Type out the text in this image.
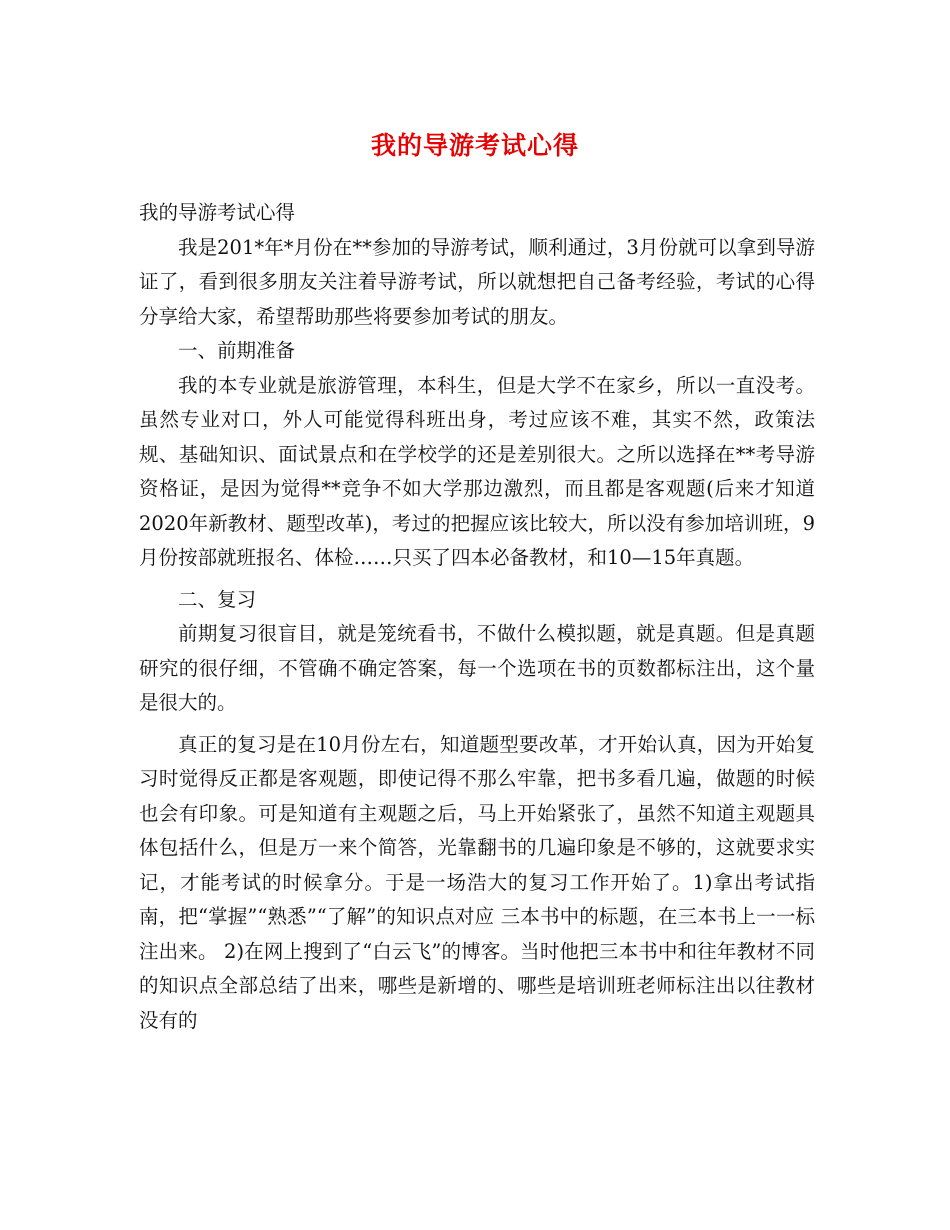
我的导游考试心得

我的导游考试心得

我是201*年*月份在**参加的导游考试，顺利通过，3月份就可以拿到导游证了，看到很多朋友关注着导游考试，所以就想把自己备考经验，考试的心得分享给大家，希望帮助那些将要参加考试的朋友。

一、前期准备

我的本专业就是旅游管理，本科生，但是大学不在家乡，所以一直没考。虽然专业对口，外人可能觉得科班出身，考过应该不难，其实不然，政策法规、基础知识、面试景点和在学校学的还是差别很大。之所以选择在**考导游资格证，是因为觉得**竞争不如大学那边激烈，而且都是客观题(后来才知道2020年新教材、题型改革)，考过的把握应该比较大，所以没有参加培训班，9月份按部就班报名、体检……只买了四本必备教材，和10—15年真题。

二、复习

前期复习很盲目，就是笼统看书，不做什么模拟题，就是真题。但是真题研究的很仔细，不管确不确定答案，每一个选项在书的页数都标注出，这个量是很大的。

真正的复习是在10月份左右，知道题型要改革，才开始认真，因为开始复习时觉得反正都是客观题，即使记得不那么牢靠，把书多看几遍，做题的时候也会有印象。可是知道有主观题之后，马上开始紧张了，虽然不知道主观题具体包括什么，但是万一来个简答，光靠翻书的几遍印象是不够的，这就要求实记，才能考试的时候拿分。于是一场浩大的复习工作开始了。1)拿出考试指南，把“掌握”“熟悉”“了解”的知识点对应 三本书中的标题，在三本书上一一标注出来。 2)在网上搜到了“白云飞”的博客。当时他把三本书中和往年教材不同的知识点全部总结了出来，哪些是新增的、哪些是培训班老师标注出以往教材没有的
